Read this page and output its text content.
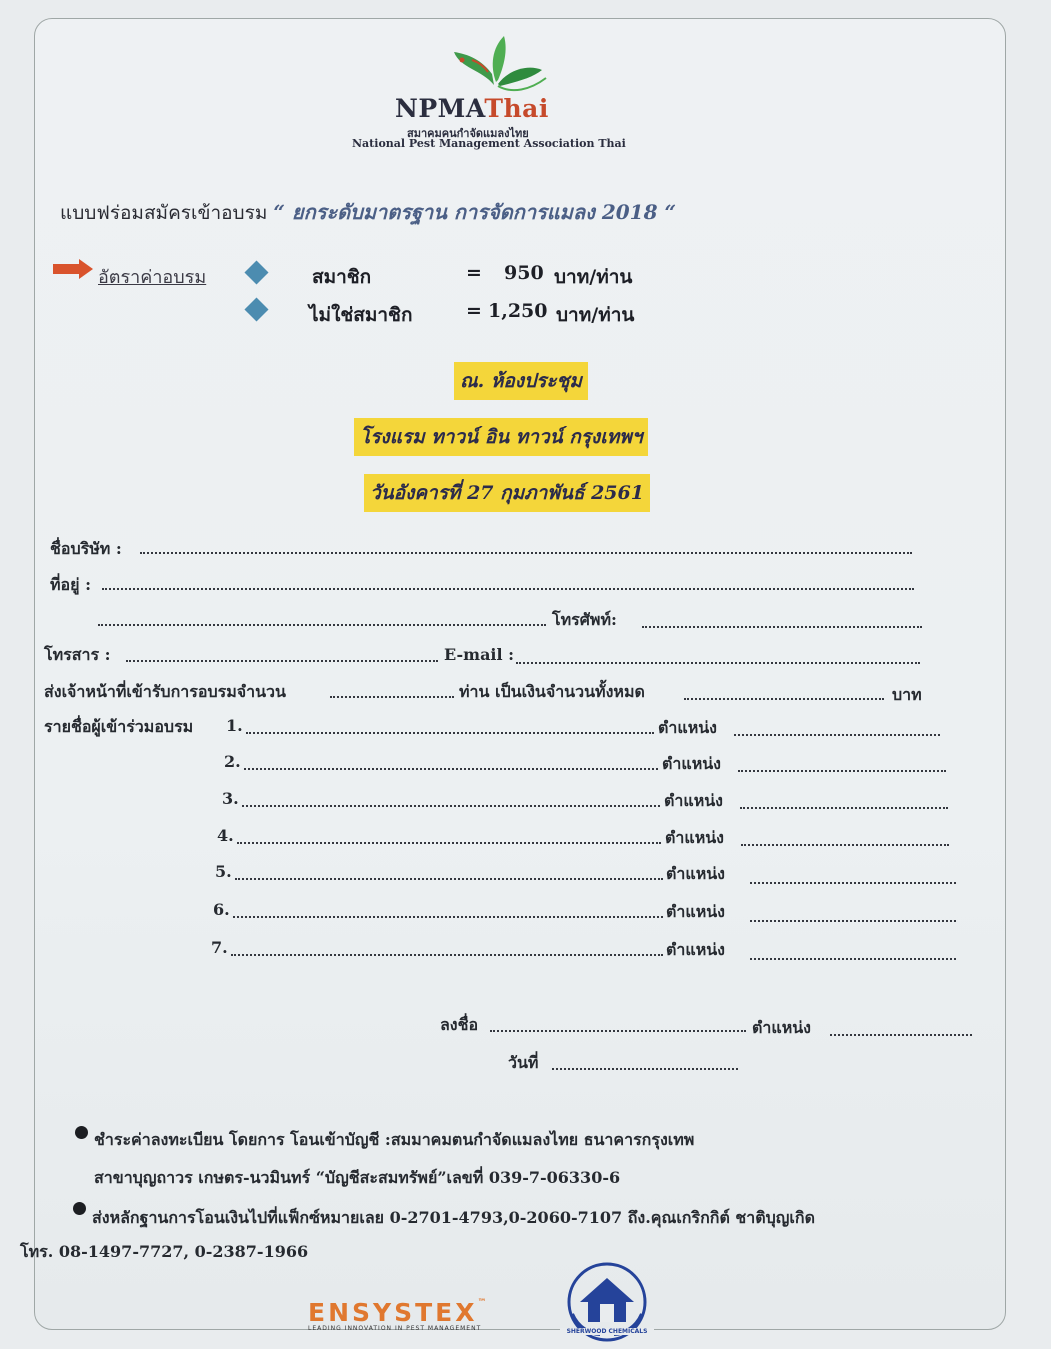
NPMAThai
สมาคมคนกำจัดแมลงไทย
National Pest Management Association Thai
แบบฟร่อมสมัครเข้าอบรม “ ยกระดับมาตรฐาน การจัดการแมลง 2018 “
อัตราค่าอบรม	สมาชิก	= 950 บาท/ท่าน
ไม่ใช่สมาชิก	= 1,250 บาท/ท่าน
ณ. ห้องประชุม
โรงแรม ทาวน์ อิน ทาวน์ กรุงเทพฯ
วันอังคารที่ 27 กุมภาพันธ์ 2561
ชื่อบริษัท :
ที่อยู่ :
โทรศัพท์:
โทรสาร :	E-mail :
ส่งเจ้าหน้าที่เข้ารับการอบรมจำนวน	ท่าน เป็นเงินจำนวนทั้งหมด	บาท
รายชื่อผู้เข้าร่วมอบรม 1.	ตำแหน่ง
2.	ตำแหน่ง
3.	ตำแหน่ง
4.	ตำแหน่ง
5.	ตำแหน่ง
6.	ตำแหน่ง
7.	ตำแหน่ง
ลงชื่อ	ตำแหน่ง
วันที่
ชำระค่าลงทะเบียน โดยการ โอนเข้าบัญชี :สมมาคมตนกำจัดแมลงไทย ธนาคารกรุงเทพ
สาขาบุญถาวร เกษตร-นวมินทร์ “บัญชีสะสมทรัพย์”เลขที่ 039-7-06330-6
ส่งหลักฐานการโอนเงินไปที่แฟ็กซ์หมายเลย 0-2701-4793,0-2060-7107 ถึง.คุณเกริกกิต์ ชาติบุญเกิด
โทร. 08-1497-7727, 0-2387-1966
ENSYSTEX™
LEADING INNOVATION IN PEST MANAGEMENT	SHERWOOD CHEMICALS
